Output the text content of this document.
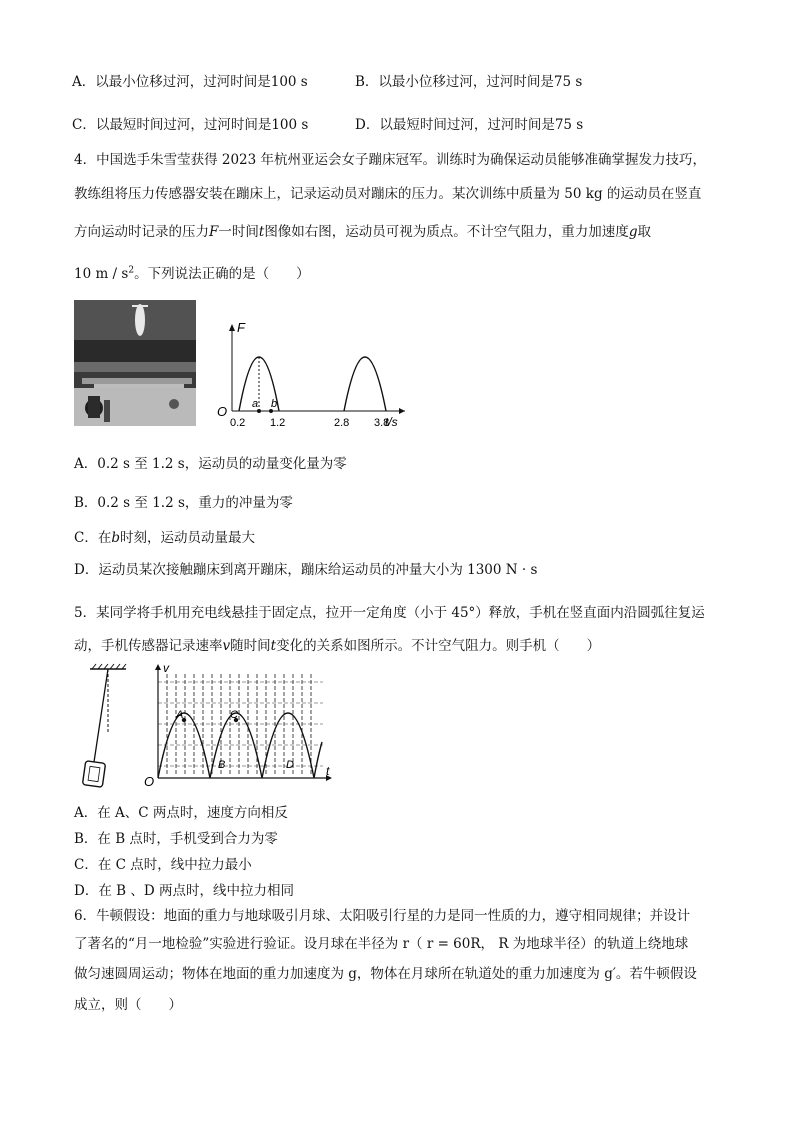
A．以最小位移过河，过河时间是100 s	B．以最小位移过河，过河时间是75 s
C．以最短时间过河，过河时间是100 s	D．以最短时间过河，过河时间是75 s
4．中国选手朱雪莹获得 2023 年杭州亚运会女子蹦床冠军。训练时为确保运动员能够准确掌握发力技巧，
教练组将压力传感器安装在蹦床上，记录运动员对蹦床的压力。某次训练中质量为 50 kg 的运动员在竖直
方向运动时记录的压力F一时间t图像如右图，运动员可视为质点。不计空气阻力，重力加速度g取
10 m / $s^2$。下列说法正确的是（　　）
F
t/s
O a b
0.2 1.2	2.8 3.8
A．0.2 s 至 1.2 s，运动员的动量变化量为零
B．0.2 s 至 1.2 s，重力的冲量为零
C．在b时刻，运动员动量最大
D．运动员某次接触蹦床到离开蹦床，蹦床给运动员的冲量大小为 1300 N · s
5．某同学将手机用充电线悬挂于固定点，拉开一定角度（小于 45°）释放，手机在竖直面内沿圆弧往复运
动，手机传感器记录速率v随时间t变化的关系如图所示。不计空气阻力。则手机（　　）
v
t
O
A
B
C
D
A．在 A、C 两点时，速度方向相反
B．在 B 点时，手机受到合力为零
C．在 C 点时，线中拉力最小
D．在 B 、D 两点时，线中拉力相同
6．牛顿假设：地面的重力与地球吸引月球、太阳吸引行星的力是同一性质的力，遵守相同规律；并设计
了著名的“月一地检验”实验进行验证。设月球在半径为 r（ r = 60R， R 为地球半径）的轨道上绕地球
做匀速圆周运动；物体在地面的重力加速度为 g，物体在月球所在轨道处的重力加速度为 g′。若牛顿假设
成立，则（　　）
